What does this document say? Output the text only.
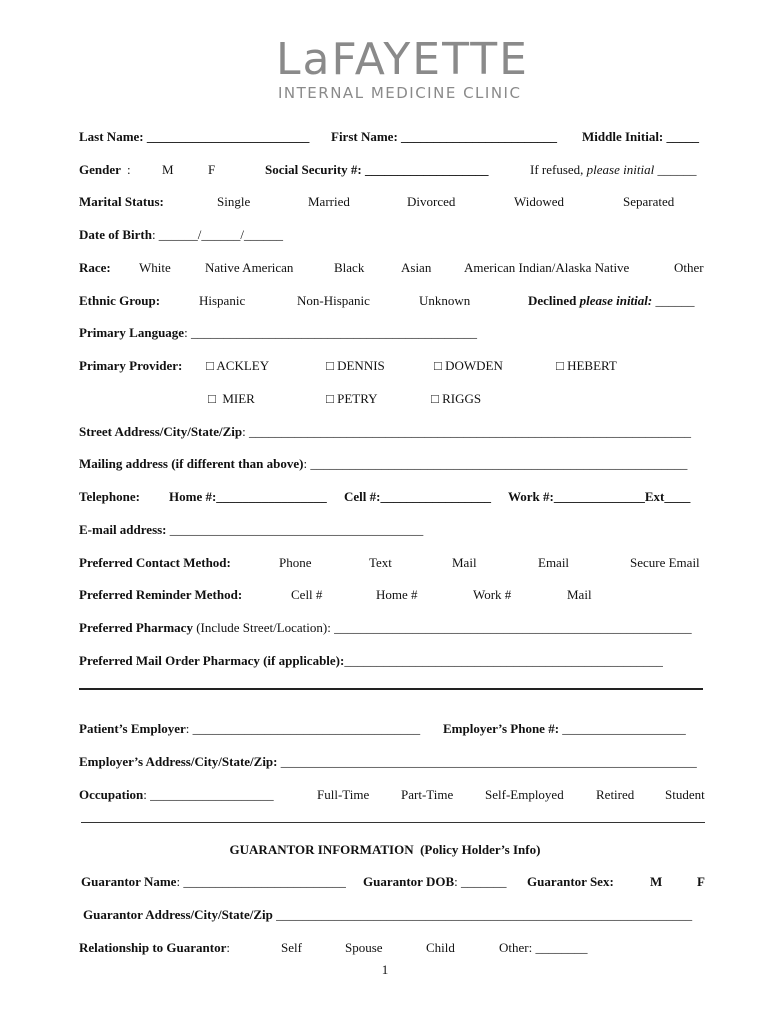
LaFAYETTE
INTERNAL MEDICINE CLINIC
Last Name: _________________________ First Name: ________________________ Middle Initial: _____
Gender : M	F	Social Security #: ___________________	If refused, please initial ______
Marital Status:	Single	Married	Divorced	Widowed	Separated
Date of Birth: ______/______/______
Race: White	Native American	Black	Asian	American Indian/Alaska Native	Other
Ethnic Group:	Hispanic	Non-Hispanic	Unknown	Declined please initial: ______
Primary Language: ____________________________________________
Primary Provider: □ ACKLEY	□ DENNIS	□ DOWDEN	□ HEBERT
□  MIER	□ PETRY	□ RIGGS
Street Address/City/State/Zip: ____________________________________________________________________
Mailing address (if different than above): __________________________________________________________
Telephone: Home #:_________________ Cell #:_________________ Work #:______________Ext____
E-mail address: _______________________________________
Preferred Contact Method:	Phone	Text	Mail	Email	Secure Email
Preferred Reminder Method:	Cell #	Home #	Work #	Mail
Preferred Pharmacy (Include Street/Location): _______________________________________________________
Preferred Mail Order Pharmacy (if applicable):_________________________________________________
Patient’s Employer: ___________________________________ Employer’s Phone #: ___________________
Employer’s Address/City/State/Zip: ________________________________________________________________
Occupation: ___________________	Full-Time Part-Time Self-Employed Retired Student
GUARANTOR INFORMATION  (Policy Holder’s Info)
Guarantor Name: _________________________ Guarantor DOB: _______ Guarantor Sex:	M	F
Guarantor Address/City/State/Zip ________________________________________________________________
Relationship to Guarantor:	Self	Spouse	Child	Other: ________
1
